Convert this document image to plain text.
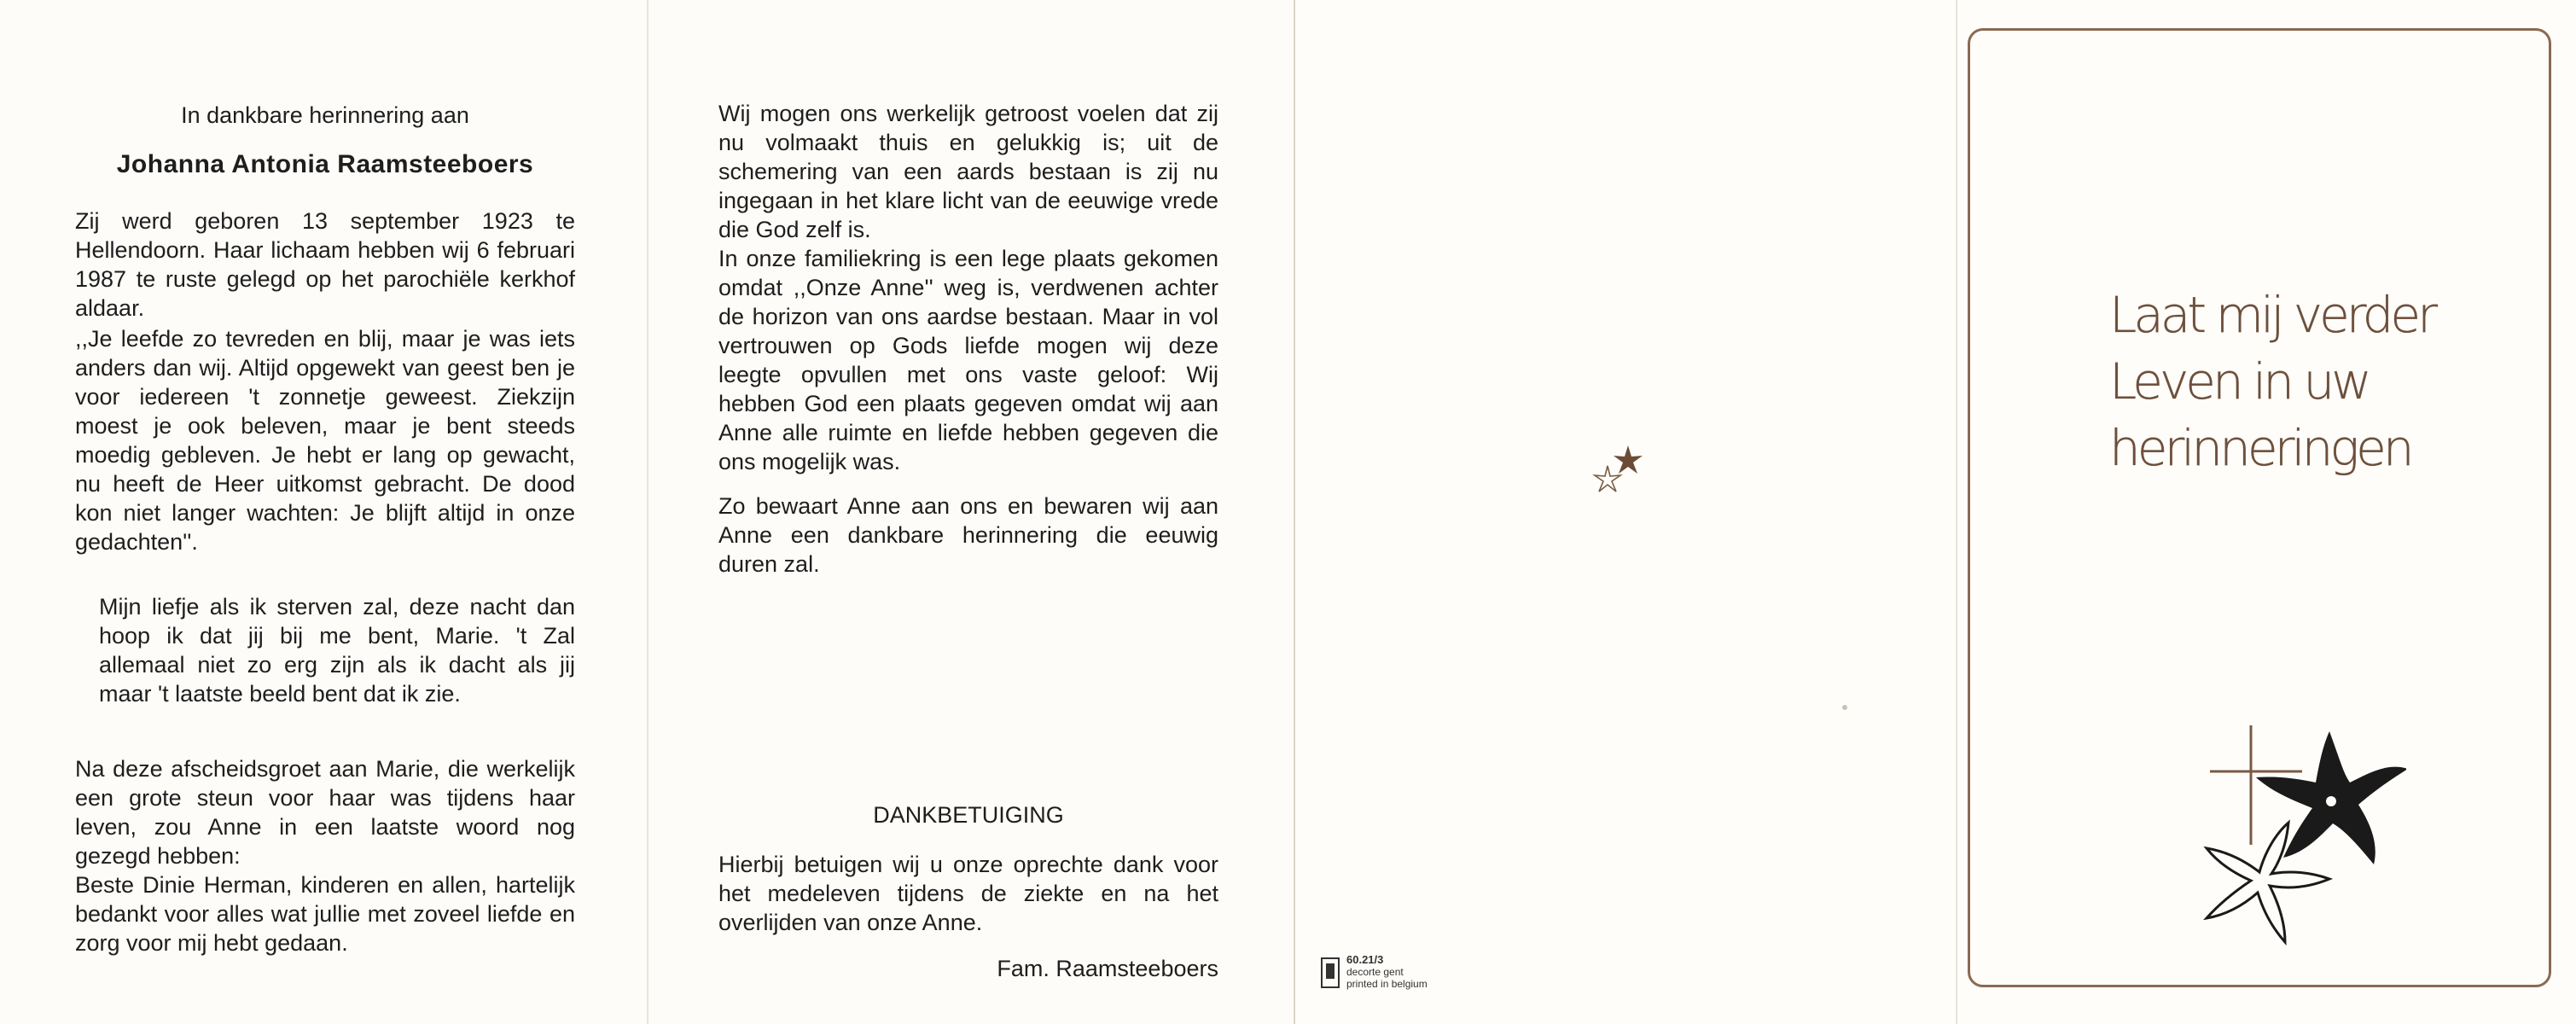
In dankbare herinnering aan
Johanna Antonia Raamsteeboers
Zij werd geboren 13 september 1923 te Hellendoorn. Haar lichaam hebben wij 6 februari 1987 te ruste gelegd op het parochiële kerkhof aldaar.
,,Je leefde zo tevreden en blij, maar je was iets anders dan wij. Altijd opgewekt van geest ben je voor iedereen 't zonnetje geweest. Ziekzijn moest je ook beleven, maar je bent steeds moedig gebleven. Je hebt er lang op gewacht, nu heeft de Heer uitkomst gebracht. De dood kon niet langer wachten: Je blijft altijd in onze gedachten''.
Mijn liefje als ik sterven zal, deze nacht dan hoop ik dat jij bij me bent, Marie. 't Zal allemaal niet zo erg zijn als ik dacht als jij maar 't laatste beeld bent dat ik zie.
Na deze afscheidsgroet aan Marie, die werkelijk een grote steun voor haar was tijdens haar leven, zou Anne in een laatste woord nog gezegd hebben:
Beste Dinie Herman, kinderen en allen, hartelijk bedankt voor alles wat jullie met zoveel liefde en zorg voor mij hebt gedaan.
Wij mogen ons werkelijk getroost voelen dat zij nu volmaakt thuis en gelukkig is; uit de schemering van een aards bestaan is zij nu ingegaan in het klare licht van de eeuwige vrede die God zelf is.
In onze familiekring is een lege plaats gekomen omdat ,,Onze Anne'' weg is, verdwenen achter de horizon van ons aardse bestaan. Maar in vol vertrouwen op Gods liefde mogen wij deze leegte opvullen met ons vaste geloof: Wij hebben God een plaats gegeven omdat wij aan Anne alle ruimte en liefde hebben gegeven die ons mogelijk was.
Zo bewaart Anne aan ons en bewaren wij aan Anne een dankbare herinnering die eeuwig duren zal.
DANKBETUIGING
Hierbij betuigen wij u onze oprechte dank voor het medeleven tijdens de ziekte en na het overlijden van onze Anne.
Fam. Raamsteeboers	60.21/3
decorte gent
printed in belgium
Laat mij verder
Leven in uw
herinneringen
